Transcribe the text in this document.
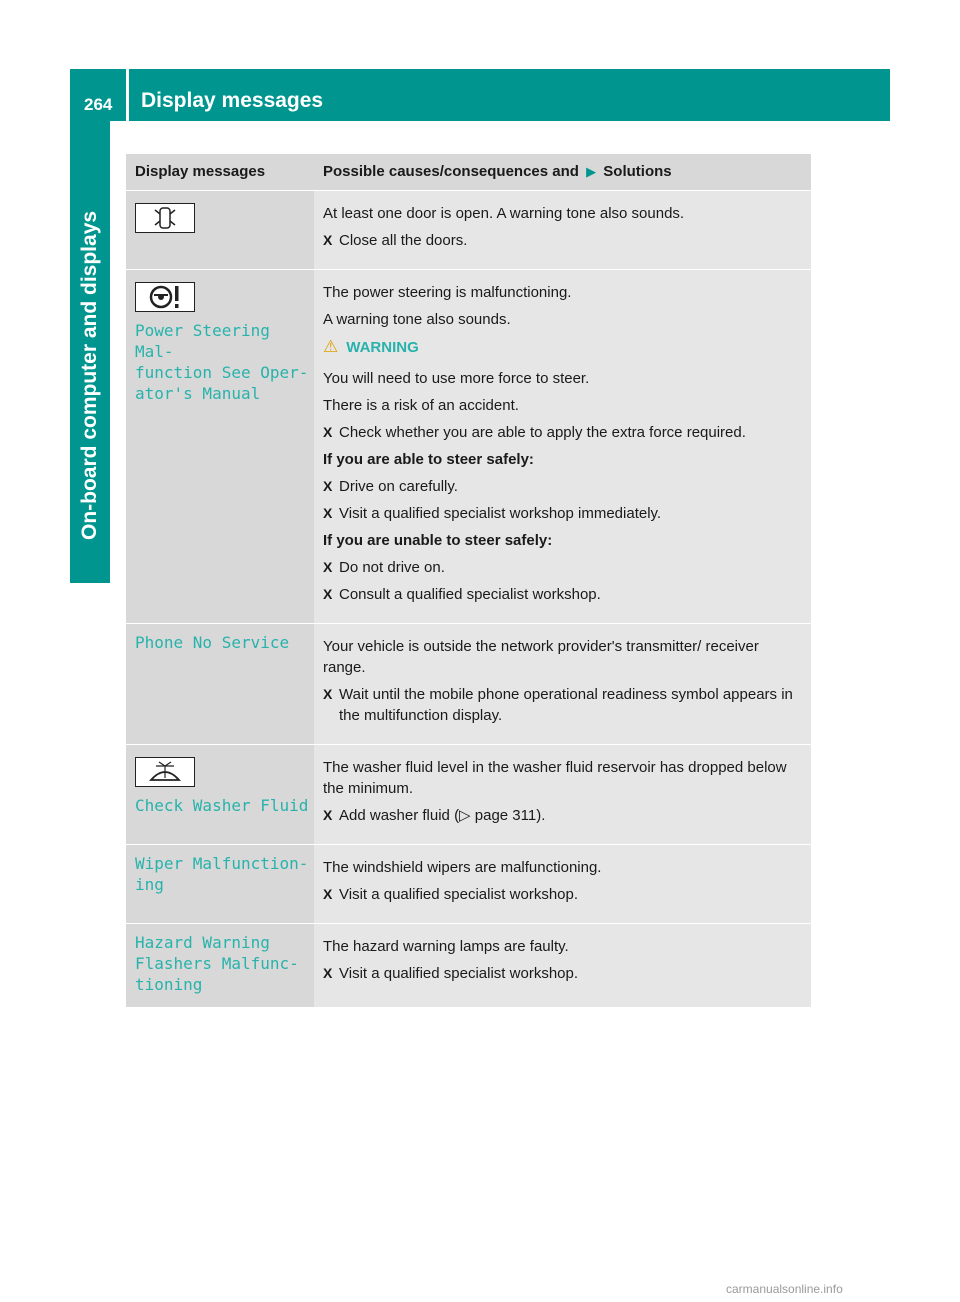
264 Display messages
On-board computer and displays
Display messages	Possible causes/consequences and ▶ Solutions
At least one door is open. A warning tone also sounds.
X Close all the doors.
Power Steering Mal‐
function See Oper‐
ator's Manual
The power steering is malfunctioning.
A warning tone also sounds.
⚠ WARNING
You will need to use more force to steer.
There is a risk of an accident.
X Check whether you are able to apply the extra force required.
If you are able to steer safely:
X Drive on carefully.
X Visit a qualified specialist workshop immediately.
If you are unable to steer safely:
X Do not drive on.
X Consult a qualified specialist workshop.
Phone No Service	Your vehicle is outside the network provider's transmitter/ receiver range.
X Wait until the mobile phone operational readiness symbol appears in the multifunction display.
Check Washer Fluid
The washer fluid level in the washer fluid reservoir has dropped below the minimum.
X Add washer fluid (▷ page 311).
Wiper Malfunction‐
ing
The windshield wipers are malfunctioning.
X Visit a qualified specialist workshop.
Hazard Warning
Flashers Malfunc‐
tioning
The hazard warning lamps are faulty.
X Visit a qualified specialist workshop.
carmanualsonline.info
